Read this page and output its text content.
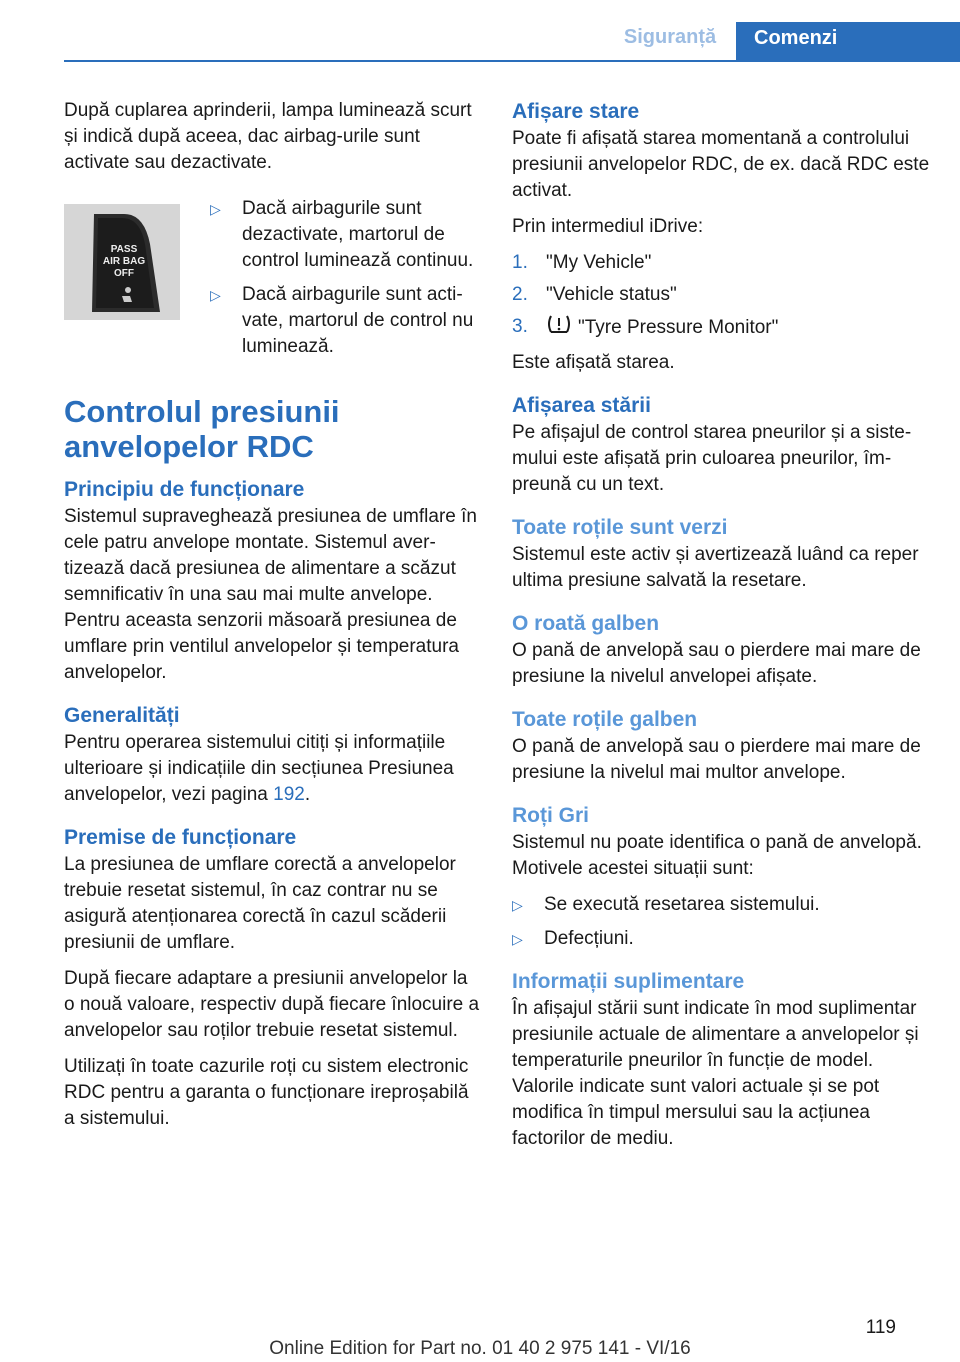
Siguranță	Comenzi

După cuplarea aprinderii, lampa luminează scurt și indică după aceea, dac airbag-urile sunt activate sau dezactivate.

PASS
AIR BAG
OFF
▷ Dacă airbagurile sunt dezactivate, martorul de control luminează continuu.
▷ Dacă airbagurile sunt activate, martorul de control nu luminează.
Controlul presiunii anvelopelor RDC
Principiu de funcționare

Sistemul supraveghează presiunea de umflare în cele patru anvelope montate. Sistemul avertizează dacă presiunea de alimentare a scăzut semnificativ în una sau mai multe anvelope. Pentru aceasta senzorii măsoară presiunea de umflare prin ventilul anvelopelor și temperatura anvelopelor.

Generalități

Pentru operarea sistemului citiți și informațiile ulterioare și indicațiile din secțiunea Presiunea anvelopelor, vezi pagina 192.

Premise de funcționare

La presiunea de umflare corectă a anvelopelor trebuie resetat sistemul, în caz contrar nu se asigură atenționarea corectă în cazul scăderii presiunii de umflare.

După fiecare adaptare a presiunii anvelopelor la o nouă valoare, respectiv după fiecare înlocuire a anvelopelor sau roților trebuie resetat sistemul.

Utilizați în toate cazurile roți cu sistem electronic RDC pentru a garanta o funcționare ireproșabilă a sistemului.

Afișare stare

Poate fi afișată starea momentană a controlului presiunii anvelopelor RDC, de ex. dacă RDC este activat.

Prin intermediul iDrive:

1. "My Vehicle"
2. "Vehicle status"
3.	"Tyre Pressure Monitor"

Este afișată starea.

Afișarea stării

Pe afișajul de control starea pneurilor și a sistemului este afișată prin culoarea pneurilor, împreună cu un text.

Toate roțile sunt verzi

Sistemul este activ și avertizează luând ca reper ultima presiune salvată la resetare.

O roată galben

O pană de anvelopă sau o pierdere mai mare de presiune la nivelul anvelopei afișate.

Toate roțile galben

O pană de anvelopă sau o pierdere mai mare de presiune la nivelul mai multor anvelope.

Roți Gri

Sistemul nu poate identifica o pană de anvelopă. Motivele acestei situații sunt:

▷ Se execută resetarea sistemului.
▷ Defecțiuni.
Informații suplimentare

În afișajul stării sunt indicate în mod suplimentar presiunile actuale de alimentare a anvelopelor și temperaturile pneurilor în funcție de model. Valorile indicate sunt valori actuale și se pot modifica în timpul mersului sau la acțiunea factorilor de mediu.

119
Online Edition for Part no. 01 40 2 975 141 - VI/16
